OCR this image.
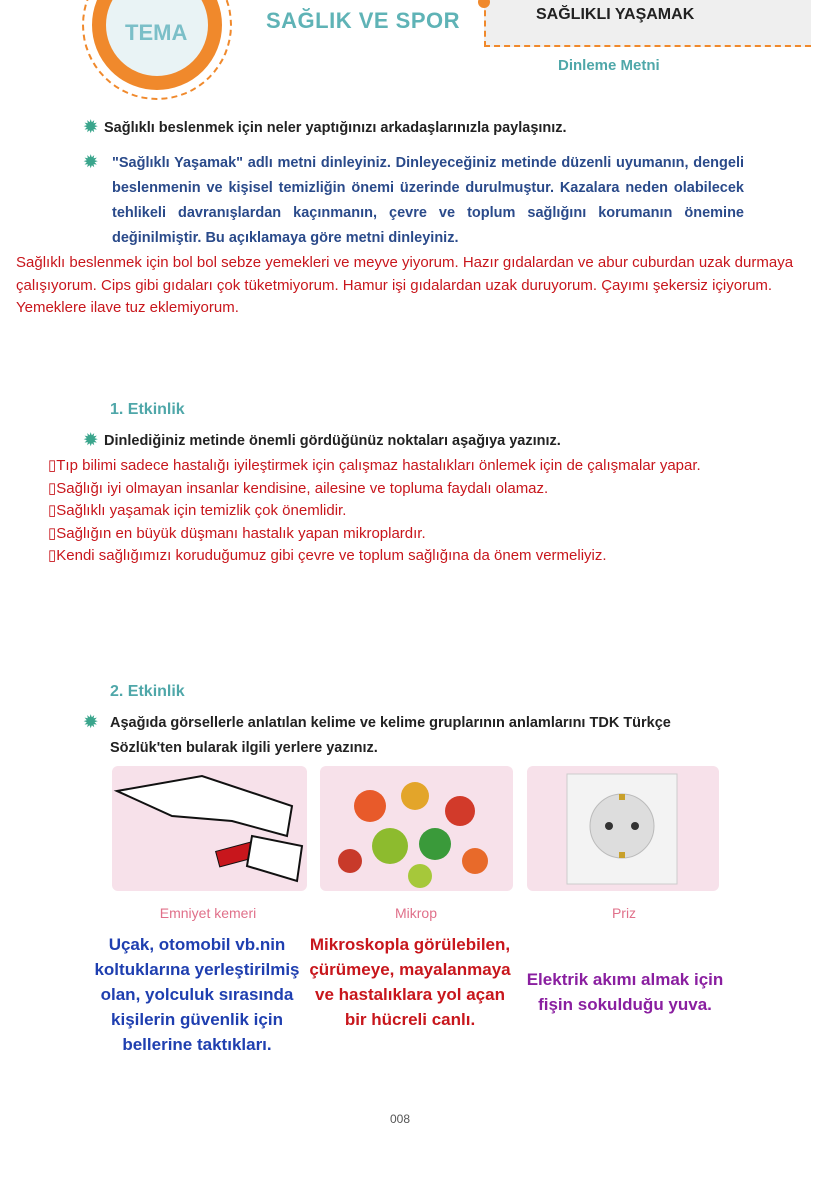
TEMA	SAĞLIK VE SPOR	SAĞLIKLI YAŞAMAK
Dinleme Metni
✹ Sağlıklı beslenmek için neler yaptığınızı arkadaşlarınızla paylaşınız.
✹ "Sağlıklı Yaşamak" adlı metni dinleyiniz. Dinleyeceğiniz metinde düzenli uyumanın, dengeli beslenmenin ve kişisel temizliğin önemi üzerinde durulmuştur. Kazalara neden olabilecek tehlikeli davranışlardan kaçınmanın, çevre ve toplum sağlığını korumanın önemine değinilmiştir. Bu açıklamaya göre metni dinleyiniz.
Sağlıklı beslenmek için bol bol sebze yemekleri ve meyve yiyorum. Hazır gıdalardan ve abur cuburdan uzak durmaya çalışıyorum. Cips gibi gıdaları çok tüketmiyorum. Hamur işi gıdalardan uzak duruyorum. Çayımı şekersiz içiyorum. Yemeklere ilave tuz eklemiyorum.
1. Etkinlik
✹ Dinlediğiniz metinde önemli gördüğünüz noktaları aşağıya yazınız.
▯Tıp bilimi sadece hastalığı iyileştirmek için çalışmaz hastalıkları önlemek için de çalışmalar yapar.
▯Sağlığı iyi olmayan insanlar kendisine, ailesine ve topluma faydalı olamaz.
▯Sağlıklı yaşamak için temizlik çok önemlidir.
▯Sağlığın en büyük düşmanı hastalık yapan mikroplardır.
▯Kendi sağlığımızı koruduğumuz gibi çevre ve toplum sağlığına da önem vermeliyiz.
2. Etkinlik
✹ Aşağıda görsellerle anlatılan kelime ve kelime gruplarının anlamlarını TDK Türkçe Sözlük'ten bularak ilgili yerlere yazınız.
Emniyet kemeri	Mikrop	Priz
Uçak, otomobil vb.nin koltuklarına yerleştirilmiş olan, yolculuk sırasında kişilerin güvenlik için bellerine taktıkları.
Mikroskopla görülebilen, çürümeye, mayalanmaya ve hastalıklara yol açan bir hücreli canlı.
Elektrik akımı almak için fişin sokulduğu yuva.
008
